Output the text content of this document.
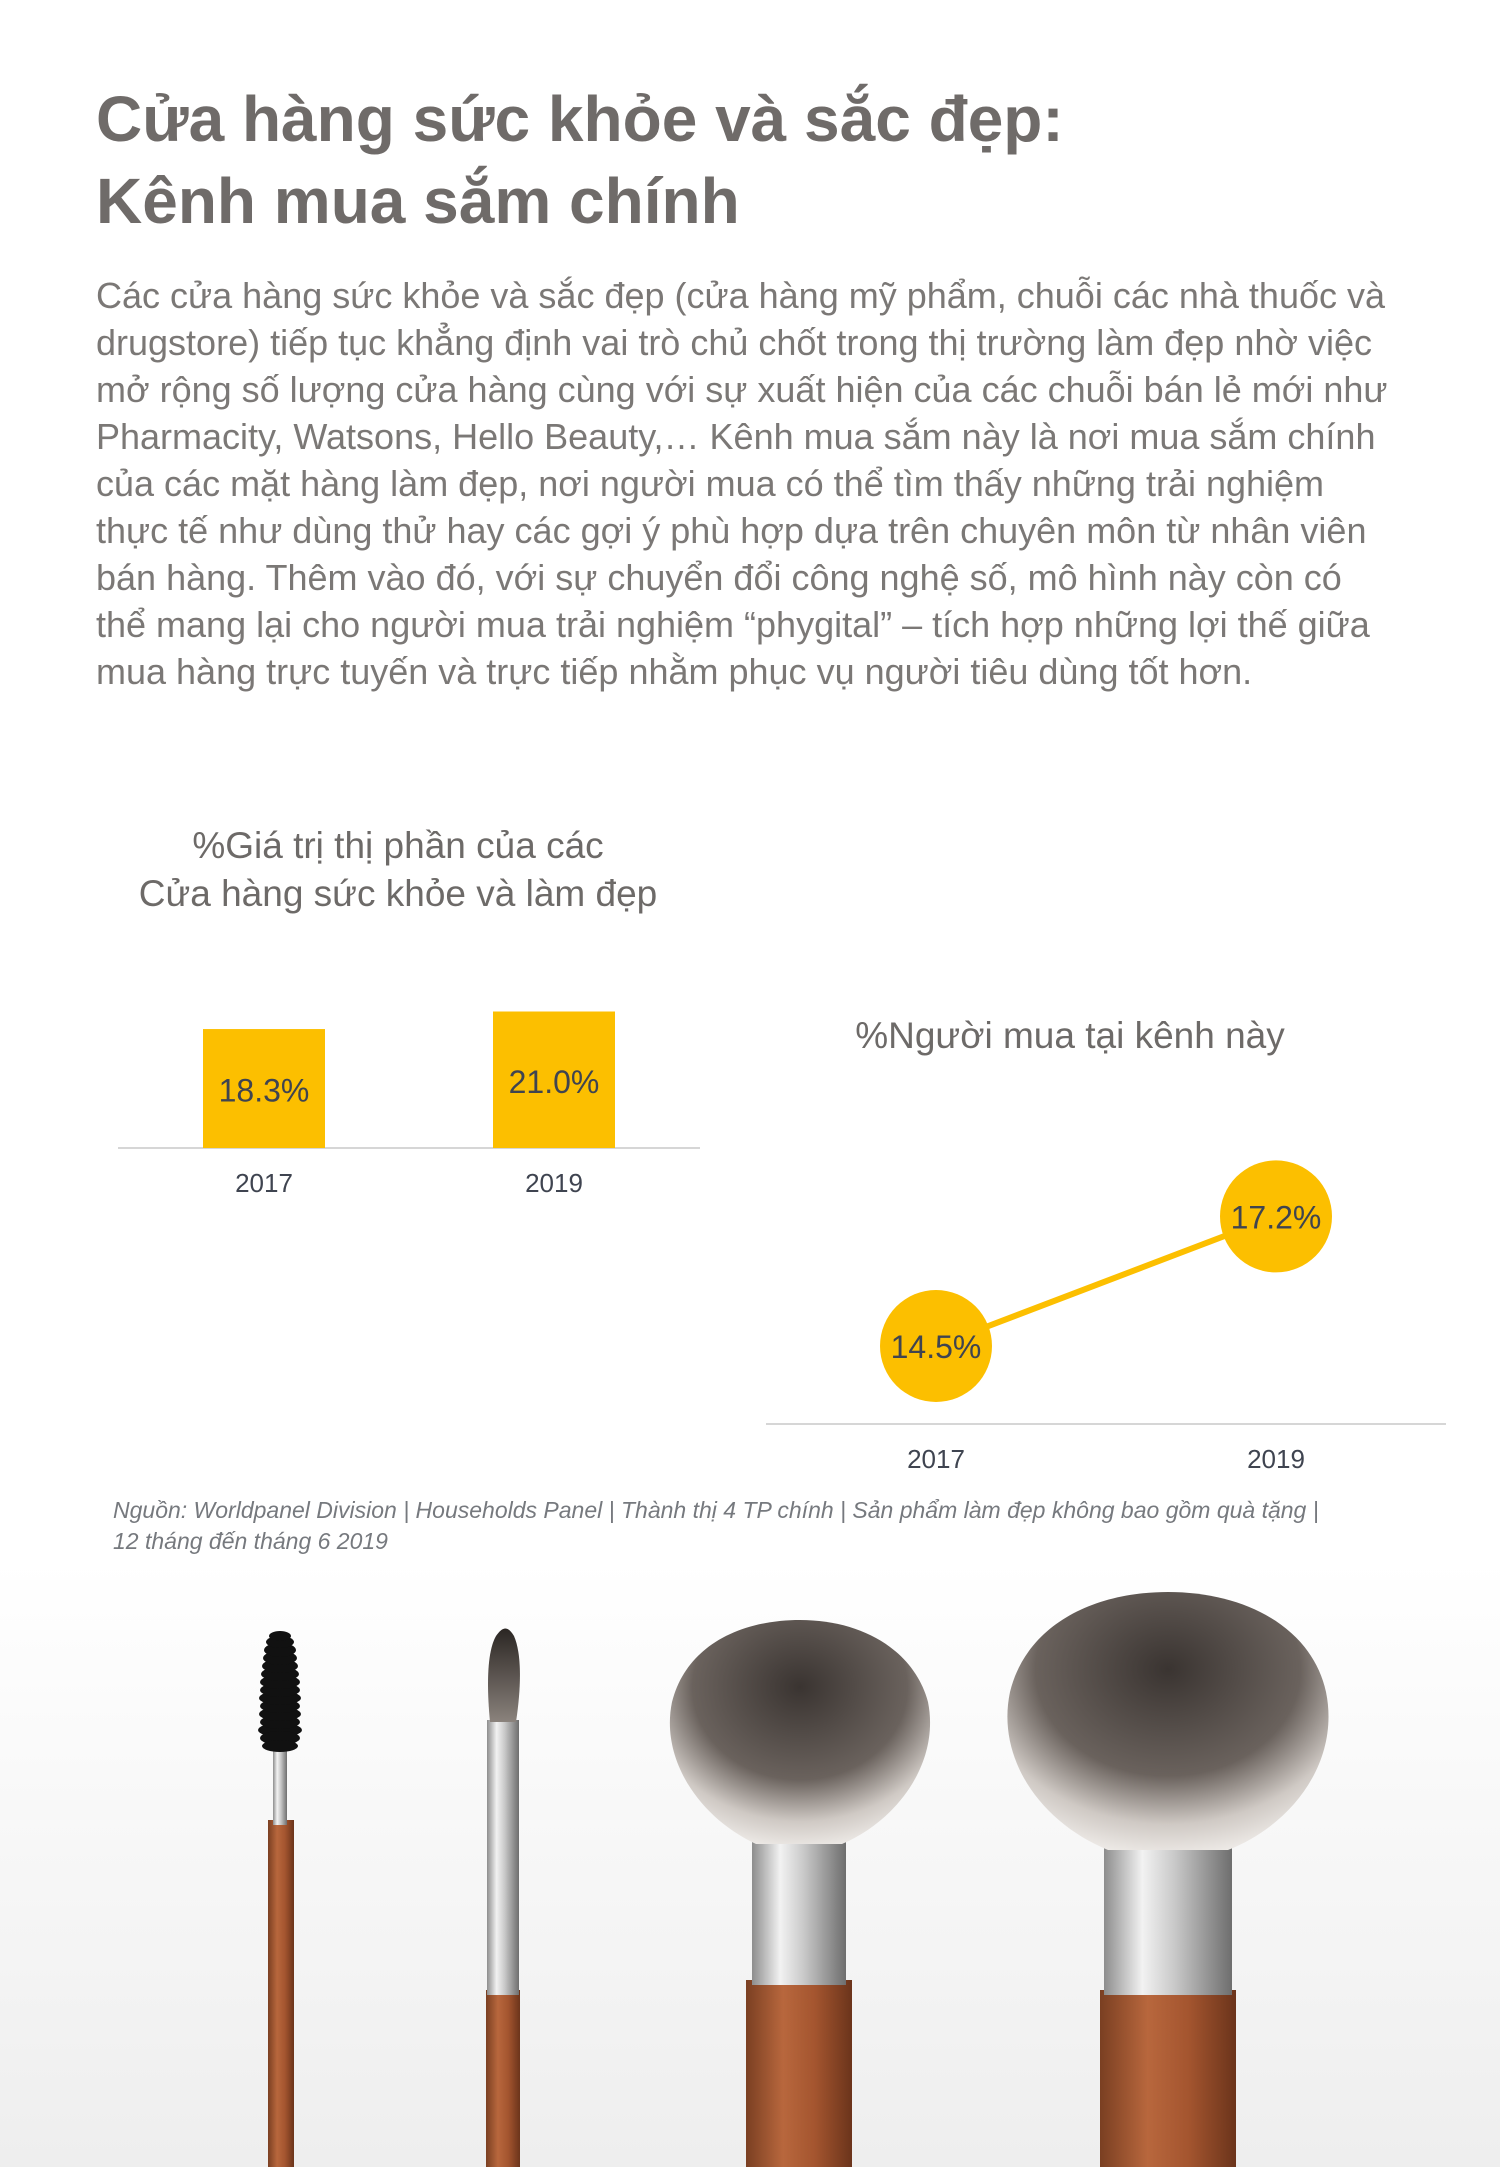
Cửa hàng sức khỏe và sắc đẹp:
Kênh mua sắm chính

Các cửa hàng sức khỏe và sắc đẹp (cửa hàng mỹ phẩm, chuỗi các nhà thuốc và drugstore) tiếp tục khẳng định vai trò chủ chốt trong thị trường làm đẹp nhờ việc mở rộng số lượng cửa hàng cùng với sự xuất hiện của các chuỗi bán lẻ mới như Pharmacity, Watsons, Hello Beauty,… Kênh mua sắm này là nơi mua sắm chính của các mặt hàng làm đẹp, nơi người mua có thể tìm thấy những trải nghiệm thực tế như dùng thử hay các gợi ý phù hợp dựa trên chuyên môn từ nhân viên bán hàng. Thêm vào đó, với sự chuyển đổi công nghệ số, mô hình này còn có thể mang lại cho người mua trải nghiệm “phygital” – tích hợp những lợi thế giữa mua hàng trực tuyến và trực tiếp nhằm phục vụ người tiêu dùng tốt hơn.

%Giá trị thị phần của các
Cửa hàng sức khỏe và làm đẹp
%Người mua tại kênh này
18.3%
2017
21.0%
2019
14.5%
2017
17.2%
2019
Nguồn: Worldpanel Division | Households Panel | Thành thị 4 TP chính | Sản phẩm làm đẹp không bao gồm quà tặng |
12 tháng đến tháng 6 2019
